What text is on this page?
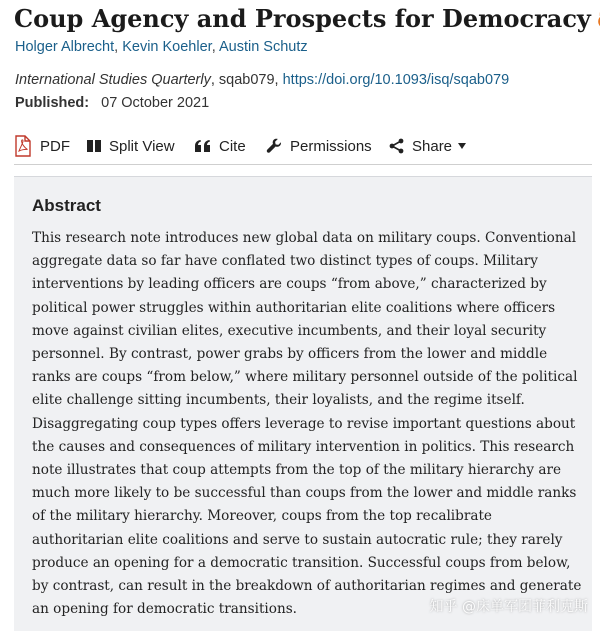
Coup Agency and Prospects for Democracy
Holger Albrecht, Kevin Koehler, Austin Schutz
International Studies Quarterly, sqab079, https://doi.org/10.1093/isq/sqab079
Published: 07 October 2021
PDF	Split View	Cite	Permissions	Share
Abstract

This research note introduces new global data on military coups. Conventional
aggregate data so far have conflated two distinct types of coups. Military
interventions by leading officers are coups “from above,” characterized by
political power struggles within authoritarian elite coalitions where officers
move against civilian elites, executive incumbents, and their loyal security
personnel. By contrast, power grabs by officers from the lower and middle
ranks are coups “from below,” where military personnel outside of the political
elite challenge sitting incumbents, their loyalists, and the regime itself.
Disaggregating coup types offers leverage to revise important questions about
the causes and consequences of military intervention in politics. This research
note illustrates that coup attempts from the top of the military hierarchy are
much more likely to be successful than coups from the lower and middle ranks
of the military hierarchy. Moreover, coups from the top recalibrate
authoritarian elite coalitions and serve to sustain autocratic rule; they rarely
produce an opening for a democratic transition. Successful coups from below,
by contrast, can result in the breakdown of authoritarian regimes and generate
an opening for democratic transitions.	知乎 @床单军团菲利克斯
